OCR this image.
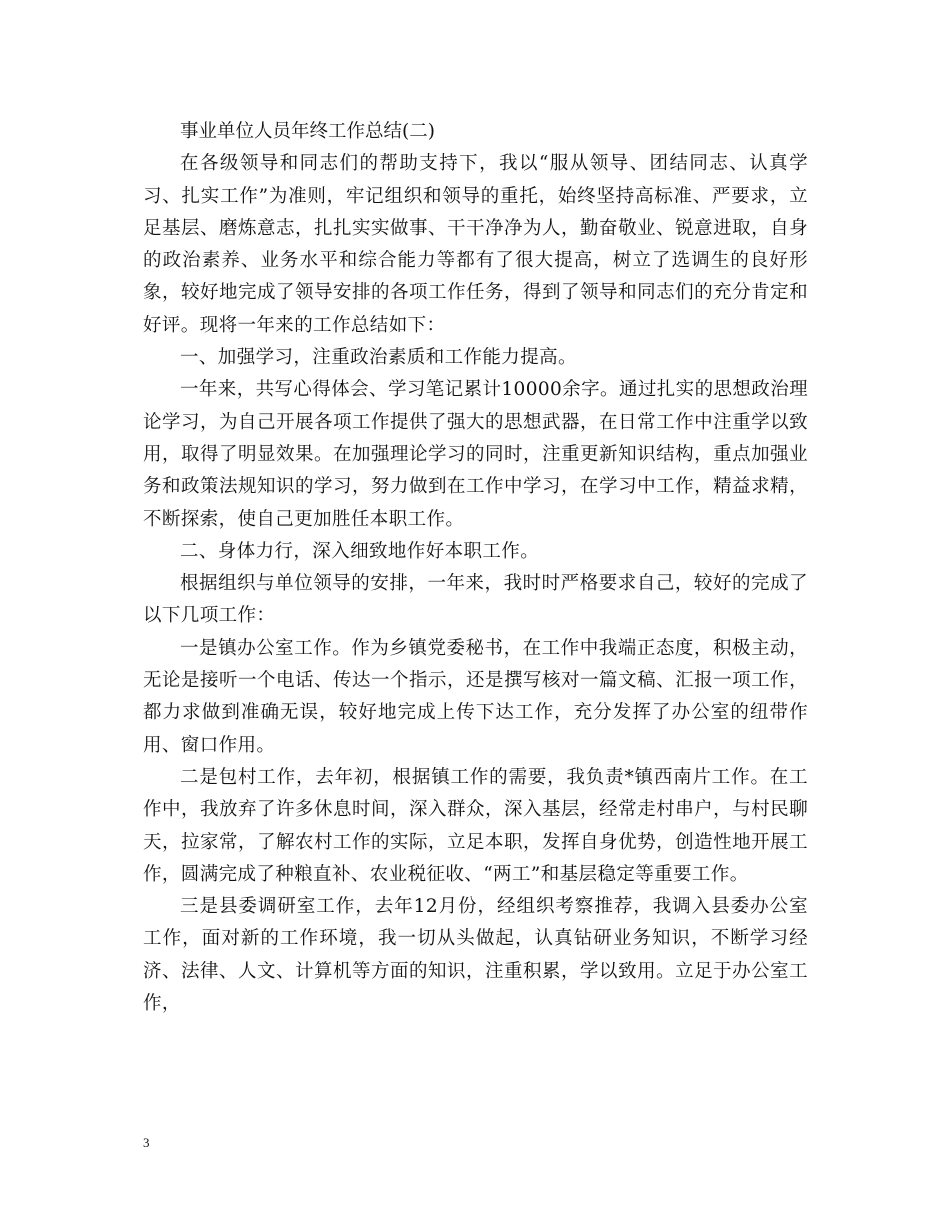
事业单位人员年终工作总结(二)

在各级领导和同志们的帮助支持下，我以“服从领导、团结同志、认真学习、扎实工作”为准则，牢记组织和领导的重托，始终坚持高标准、严要求，立足基层、磨炼意志，扎扎实实做事、干干净净为人，勤奋敬业、锐意进取，自身的政治素养、业务水平和综合能力等都有了很大提高，树立了选调生的良好形象，较好地完成了领导安排的各项工作任务，得到了领导和同志们的充分肯定和好评。现将一年来的工作总结如下：

一、加强学习，注重政治素质和工作能力提高。

一年来，共写心得体会、学习笔记累计10000余字。通过扎实的思想政治理论学习，为自己开展各项工作提供了强大的思想武器，在日常工作中注重学以致用，取得了明显效果。在加强理论学习的同时，注重更新知识结构，重点加强业务和政策法规知识的学习，努力做到在工作中学习，在学习中工作，精益求精，不断探索，使自己更加胜任本职工作。

二、身体力行，深入细致地作好本职工作。

根据组织与单位领导的安排，一年来，我时时严格要求自己，较好的完成了以下几项工作：

一是镇办公室工作。作为乡镇党委秘书，在工作中我端正态度，积极主动，无论是接听一个电话、传达一个指示，还是撰写核对一篇文稿、汇报一项工作，都力求做到准确无误，较好地完成上传下达工作，充分发挥了办公室的纽带作用、窗口作用。

二是包村工作，去年初，根据镇工作的需要，我负责*镇西南片工作。在工作中，我放弃了许多休息时间，深入群众，深入基层，经常走村串户，与村民聊天，拉家常，了解农村工作的实际，立足本职，发挥自身优势，创造性地开展工作，圆满完成了种粮直补、农业税征收、“两工”和基层稳定等重要工作。

三是县委调研室工作，去年12月份，经组织考察推荐，我调入县委办公室工作，面对新的工作环境，我一切从头做起，认真钻研业务知识，不断学习经济、法律、人文、计算机等方面的知识，注重积累，学以致用。立足于办公室工作，

3
